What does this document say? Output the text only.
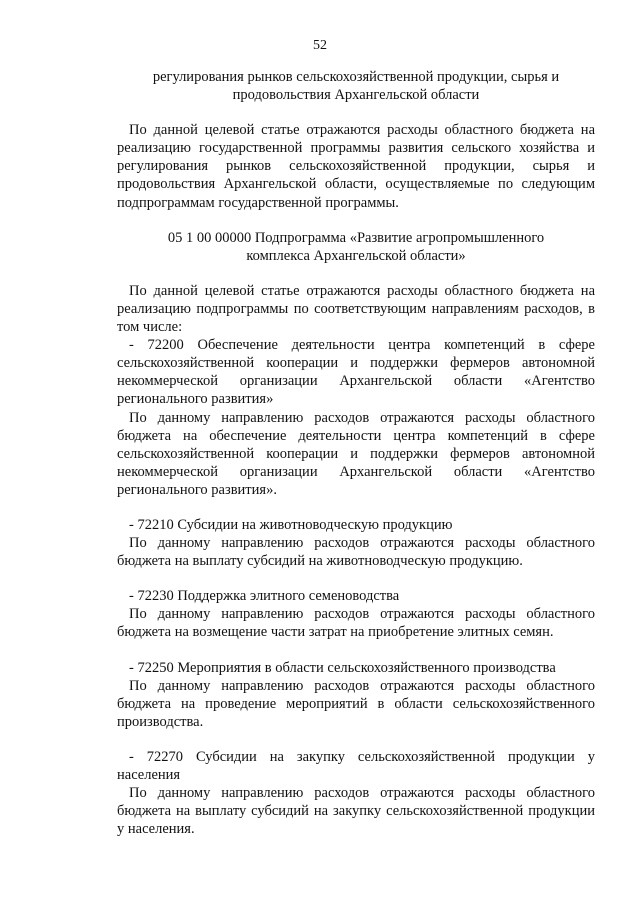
52
регулирования рынков сельскохозяйственной продукции, сырья и
продовольствия Архангельской области
По данной целевой статье отражаются расходы областного бюджета на
реализацию государственной программы развития сельского хозяйства и
регулирования рынков сельскохозяйственной продукции, сырья и
продовольствия Архангельской области, осуществляемые по следующим
подпрограммам государственной программы.
05 1 00 00000 Подпрограмма «Развитие агропромышленного
комплекса Архангельской области»
По данной целевой статье отражаются расходы областного бюджета на
реализацию подпрограммы по соответствующим направлениям расходов, в
том числе:
- 72200 Обеспечение деятельности центра компетенций в сфере
сельскохозяйственной кооперации и поддержки фермеров автономной
некоммерческой организации Архангельской области «Агентство
регионального развития»
По данному направлению расходов отражаются расходы областного
бюджета на обеспечение деятельности центра компетенций в сфере
сельскохозяйственной кооперации и поддержки фермеров автономной
некоммерческой организации Архангельской области «Агентство
регионального развития».
- 72210 Субсидии на животноводческую продукцию
По данному направлению расходов отражаются расходы областного
бюджета на выплату субсидий на животноводческую продукцию.
- 72230 Поддержка элитного семеноводства
По данному направлению расходов отражаются расходы областного
бюджета на возмещение части затрат на приобретение элитных семян.
- 72250 Мероприятия в области сельскохозяйственного производства
По данному направлению расходов отражаются расходы областного
бюджета на проведение мероприятий в области сельскохозяйственного
производства.
- 72270 Субсидии на закупку сельскохозяйственной продукции у
населения
По данному направлению расходов отражаются расходы областного
бюджета на выплату субсидий на закупку сельскохозяйственной продукции
у населения.
